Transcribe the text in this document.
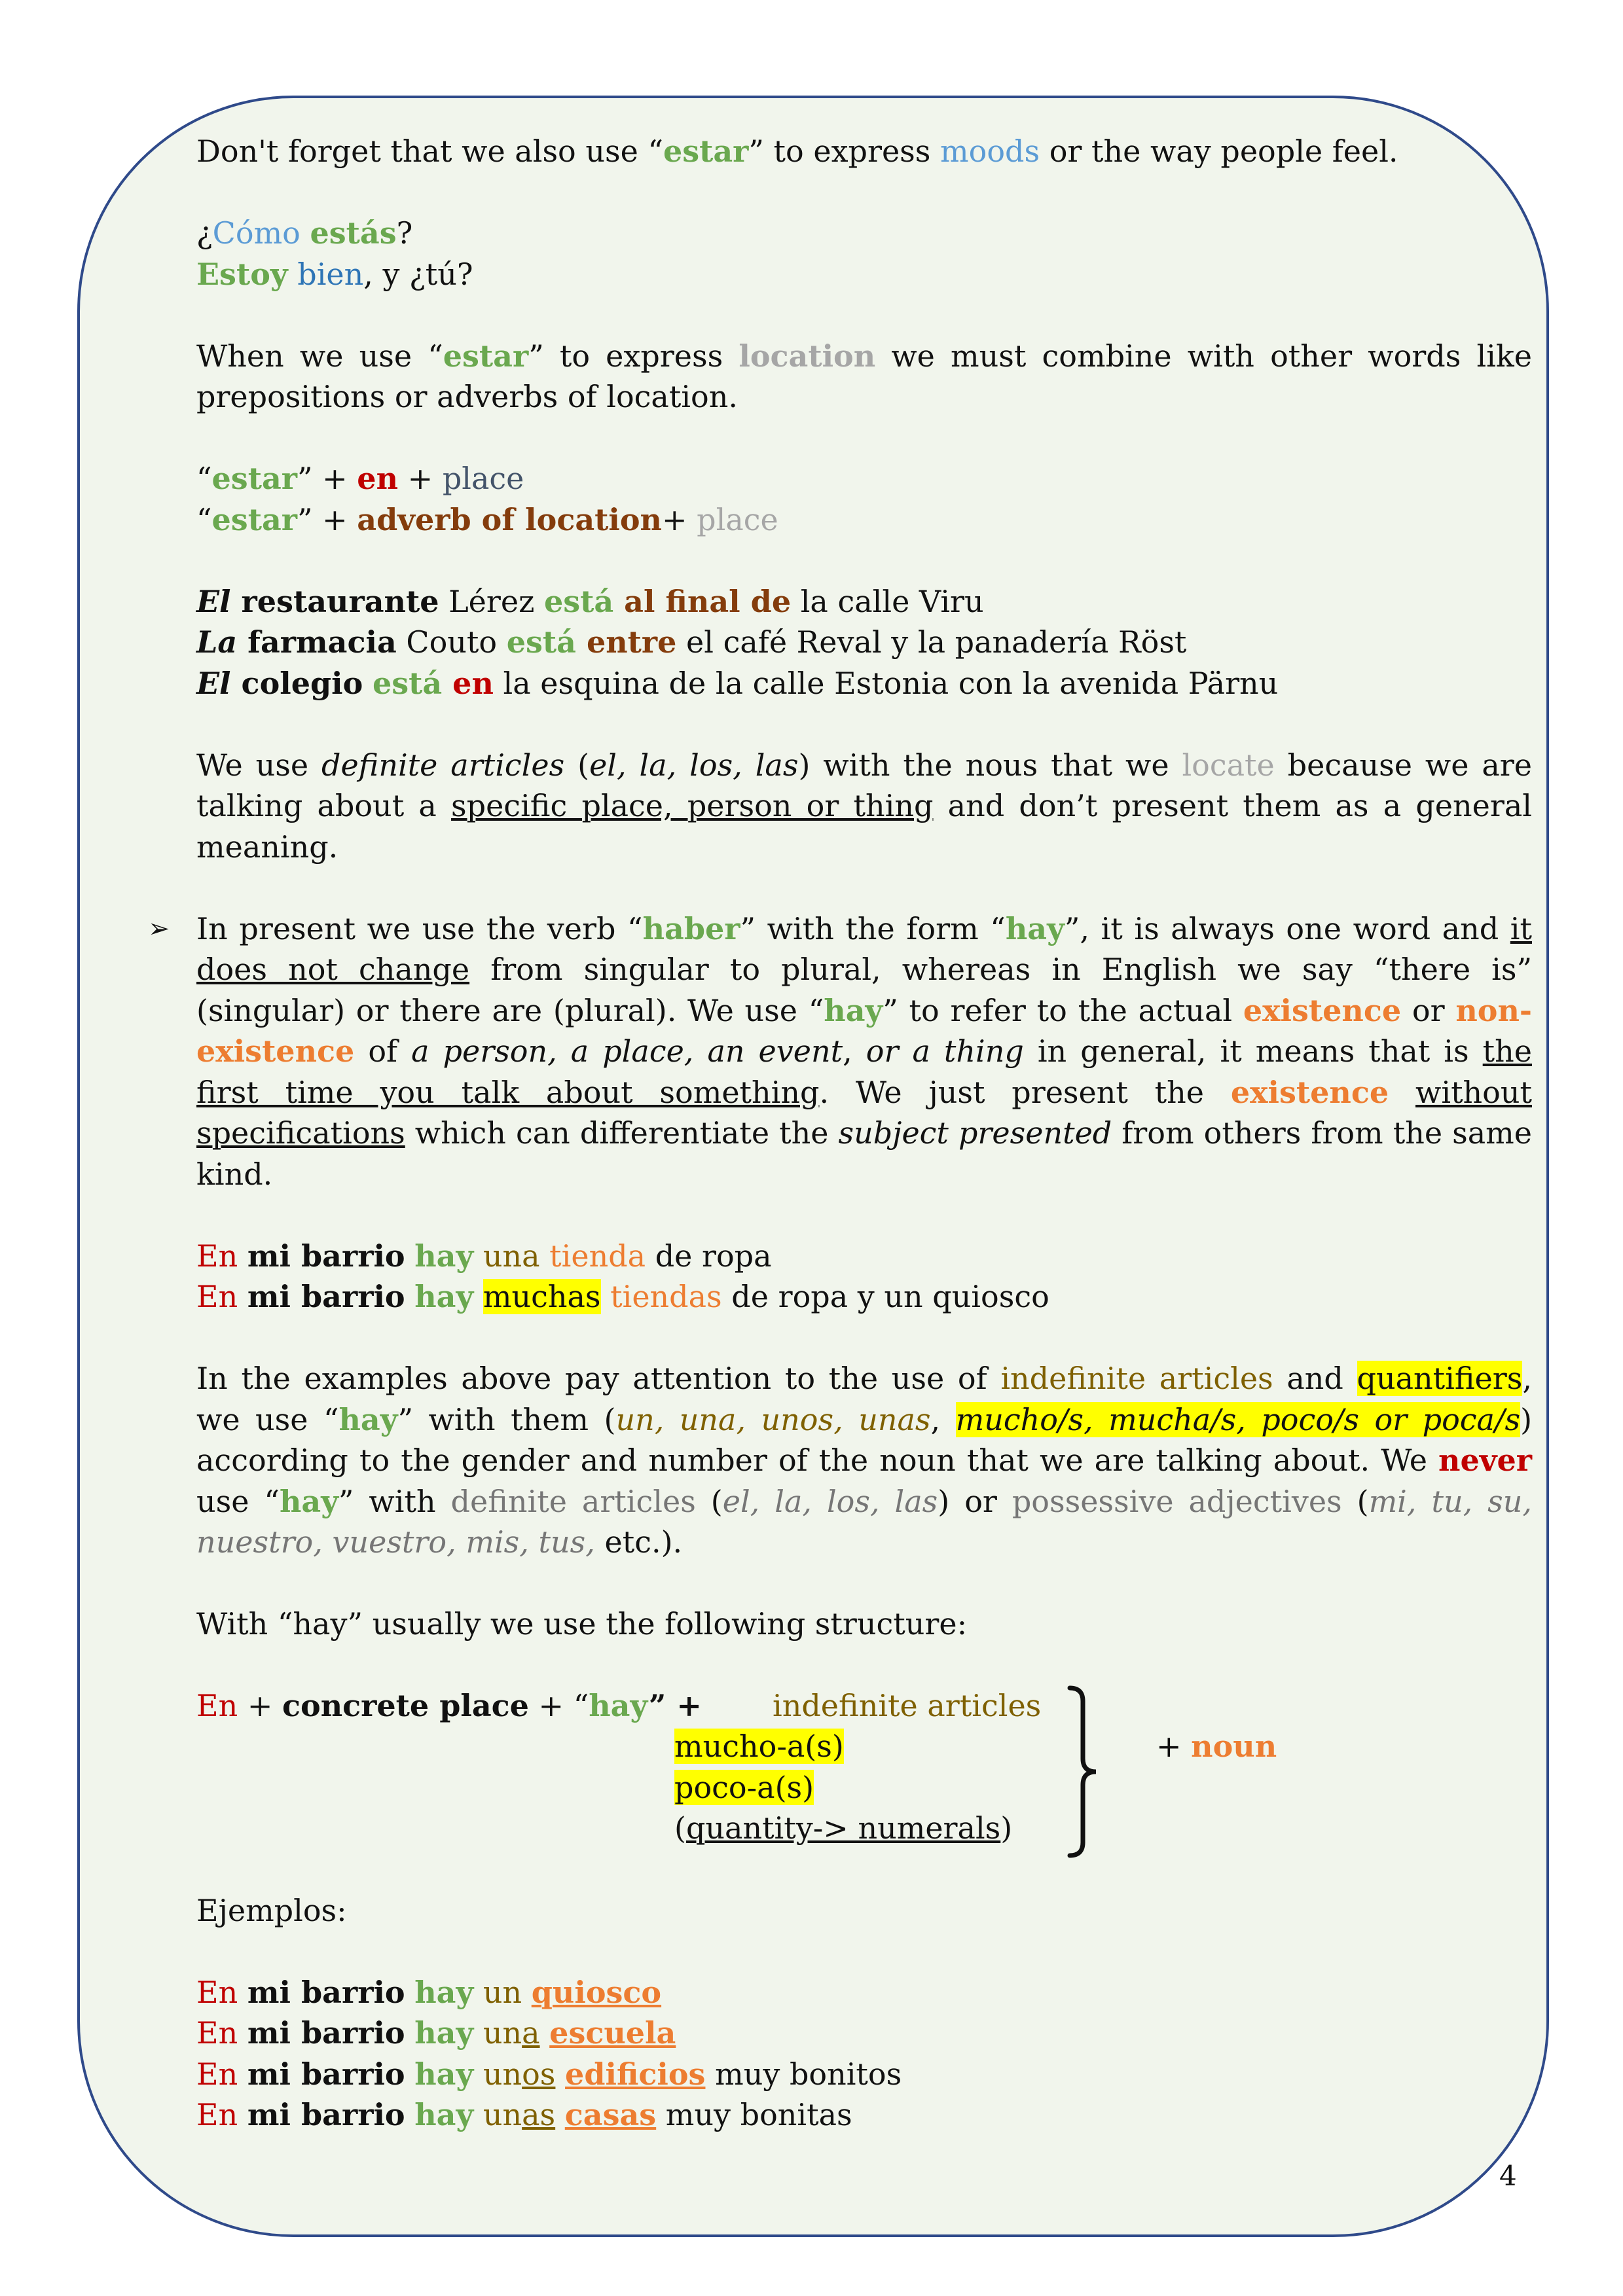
Don't forget that we also use “estar” to express moods or the way people feel.

¿Cómo estás?

Estoy bien, y ¿tú?

When we use “estar” to express location we must combine with other words like prepositions or adverbs of location.

“estar” + en + place

“estar” + adverb of location+ place

El restaurante Lérez está al final de la calle Viru

La farmacia Couto está entre el café Reval y la panadería Röst

El colegio está en la esquina de la calle Estonia con la avenida Pärnu

We use definite articles (el, la, los, las) with the nous that we locate because we are talking about a specific place, person or thing and don’t present them as a general meaning.

➢ In present we use the verb “haber” with the form “hay”, it is always one word and it does not change from singular to plural, whereas in English we say “there is” (singular) or there are (plural). We use “hay” to refer to the actual existence or non-existence of a person, a place, an event, or a thing in general, it means that is the first time you talk about something. We just present the existence without specifications which can differentiate the subject presented from others from the same kind.

En mi barrio hay una tienda de ropa

En mi barrio hay muchas tiendas de ropa y un quiosco

In the examples above pay attention to the use of indefinite articles and quantifiers, we use “hay” with them (un, una, unos, unas, mucho/s, mucha/s, poco/s or poca/s) according to the gender and number of the noun that we are talking about. We never use “hay” with definite articles (el, la, los, las) or possessive adjectives (mi, tu, su, nuestro, vuestro, mis, tus, etc.).

With “hay” usually we use the following structure:

En + concrete place + “hay” + indefinite articles
mucho-a(s)
poco-a(s)
(quantity-> numerals)
+ noun

Ejemplos:

En mi barrio hay un quiosco

En mi barrio hay una escuela

En mi barrio hay unos edificios muy bonitos

En mi barrio hay unas casas muy bonitas

4
